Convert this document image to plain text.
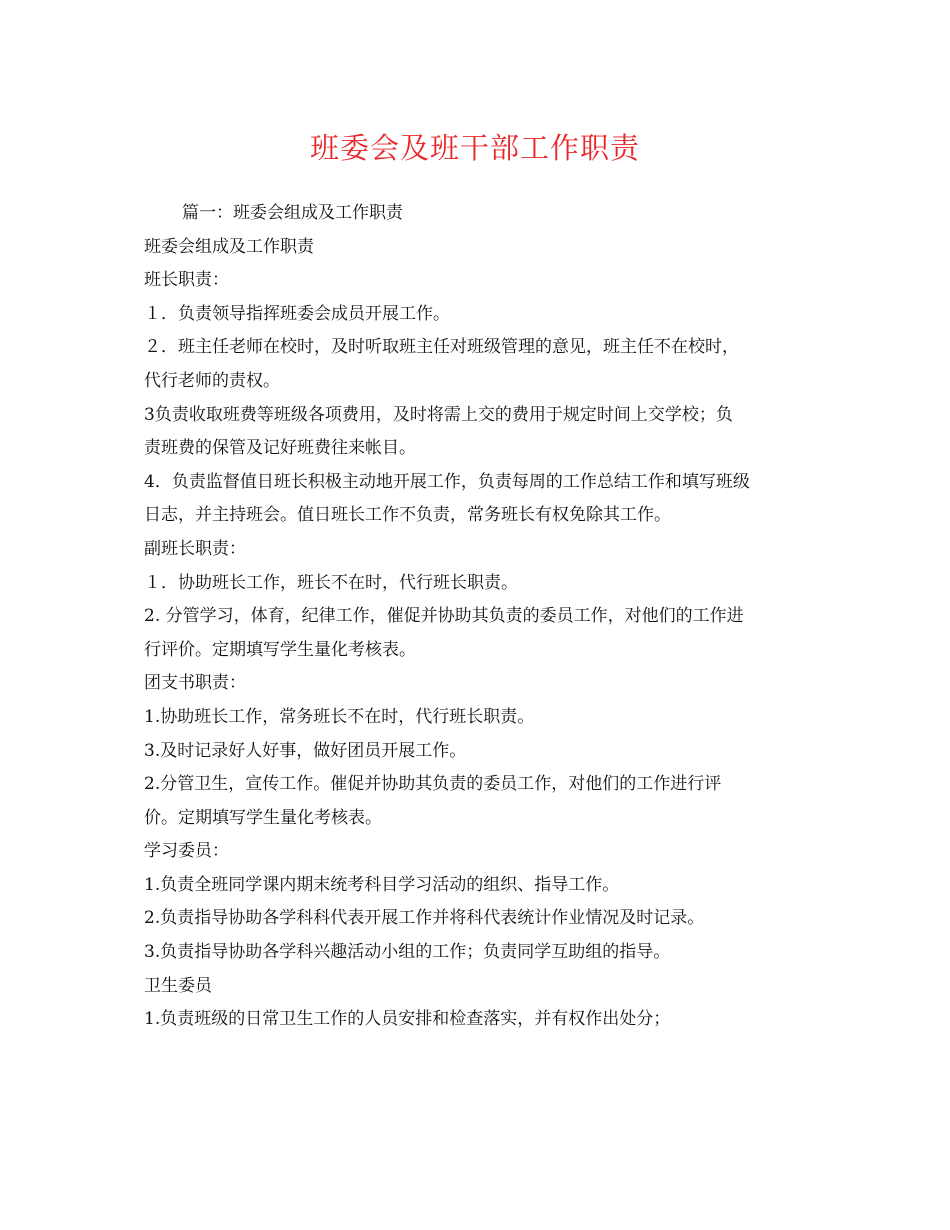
班委会及班干部工作职责
篇一：班委会组成及工作职责
班委会组成及工作职责
班长职责：
１．负责领导指挥班委会成员开展工作。
２．班主任老师在校时，及时听取班主任对班级管理的意见，班主任不在校时，
代行老师的责权。
3负责收取班费等班级各项费用，及时将需上交的费用于规定时间上交学校；负
责班费的保管及记好班费往来帐目。
4．负责监督值日班长积极主动地开展工作，负责每周的工作总结工作和填写班级
日志，并主持班会。值日班长工作不负责，常务班长有权免除其工作。
副班长职责：
１．协助班长工作，班长不在时，代行班长职责。
2. 分管学习，体育，纪律工作，催促并协助其负责的委员工作，对他们的工作进
行评价。定期填写学生量化考核表。
团支书职责：
1.协助班长工作，常务班长不在时，代行班长职责。
3.及时记录好人好事，做好团员开展工作。
2.分管卫生，宣传工作。催促并协助其负责的委员工作，对他们的工作进行评
价。定期填写学生量化考核表。
学习委员：
1.负责全班同学课内期末统考科目学习活动的组织、指导工作。
2.负责指导协助各学科科代表开展工作并将科代表统计作业情况及时记录。
3.负责指导协助各学科兴趣活动小组的工作；负责同学互助组的指导。
卫生委员
1.负责班级的日常卫生工作的人员安排和检查落实，并有权作出处分；
